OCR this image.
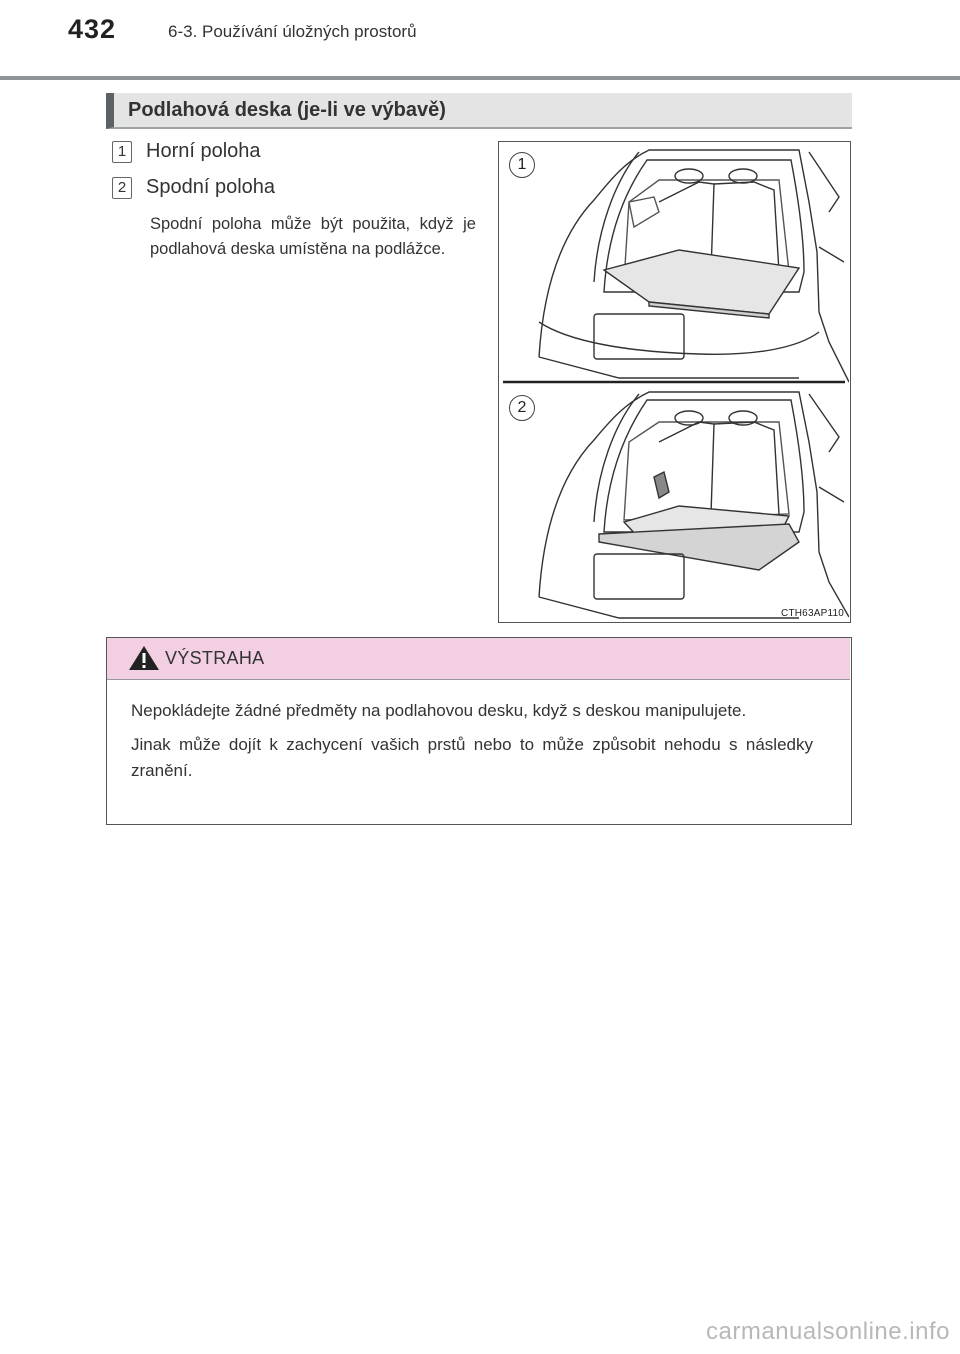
432	6-3. Používání úložných prostorů
Podlahová deska (je-li ve výbavě)
1 Horní poloha
2 Spodní poloha
Spodní poloha může být použita, když je podlahová deska umístěna na podlážce.
1
2
CTH63AP110
VÝSTRAHA

Nepokládejte žádné předměty na podlahovou desku, když s deskou manipulujete.

Jinak může dojít k zachycení vašich prstů nebo to může způsobit nehodu s následky zranění.

carmanualsonline.info
